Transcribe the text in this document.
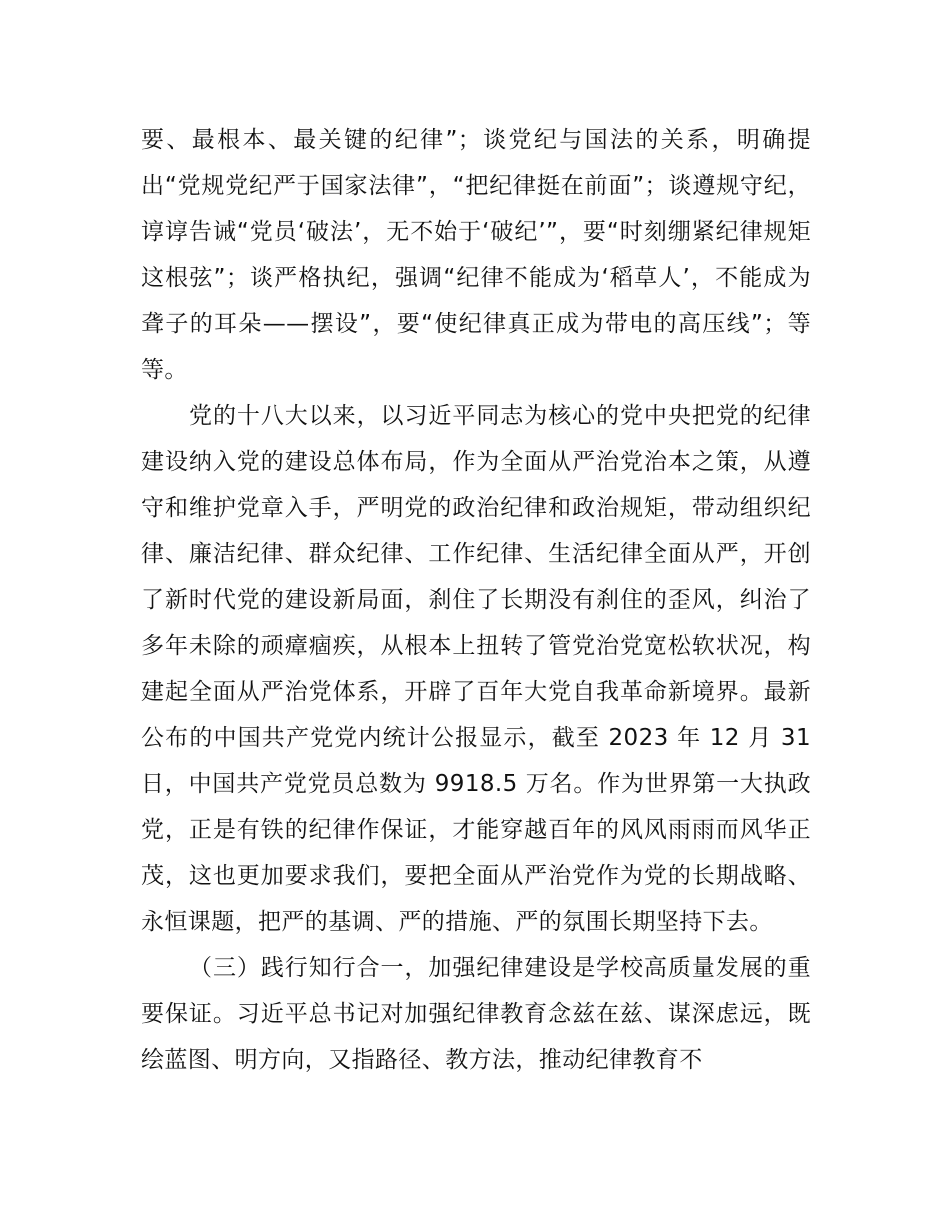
要、最根本、最关键的纪律”；谈党纪与国法的关系，明确提出“党规党纪严于国家法律”，“把纪律挺在前面”；谈遵规守纪，谆谆告诫“党员‘破法’，无不始于‘破纪’”，要“时刻绷紧纪律规矩这根弦”；谈严格执纪，强调“纪律不能成为‘稻草人’，不能成为聋子的耳朵——摆设”，要“使纪律真正成为带电的高压线”；等等。

党的十八大以来，以习近平同志为核心的党中央把党的纪律建设纳入党的建设总体布局，作为全面从严治党治本之策，从遵守和维护党章入手，严明党的政治纪律和政治规矩，带动组织纪律、廉洁纪律、群众纪律、工作纪律、生活纪律全面从严，开创了新时代党的建设新局面，刹住了长期没有刹住的歪风，纠治了多年未除的顽瘴痼疾，从根本上扭转了管党治党宽松软状况，构建起全面从严治党体系，开辟了百年大党自我革命新境界。最新公布的中国共产党党内统计公报显示，截至 2023 年 12 月 31 日，中国共产党党员总数为 9918.5 万名。作为世界第一大执政党，正是有铁的纪律作保证，才能穿越百年的风风雨雨而风华正茂，这也更加要求我们，要把全面从严治党作为党的长期战略、永恒课题，把严的基调、严的措施、严的氛围长期坚持下去。

（三）践行知行合一，加强纪律建设是学校高质量发展的重要保证。习近平总书记对加强纪律教育念兹在兹、谋深虑远，既绘蓝图、明方向，又指路径、教方法，推动纪律教育不
